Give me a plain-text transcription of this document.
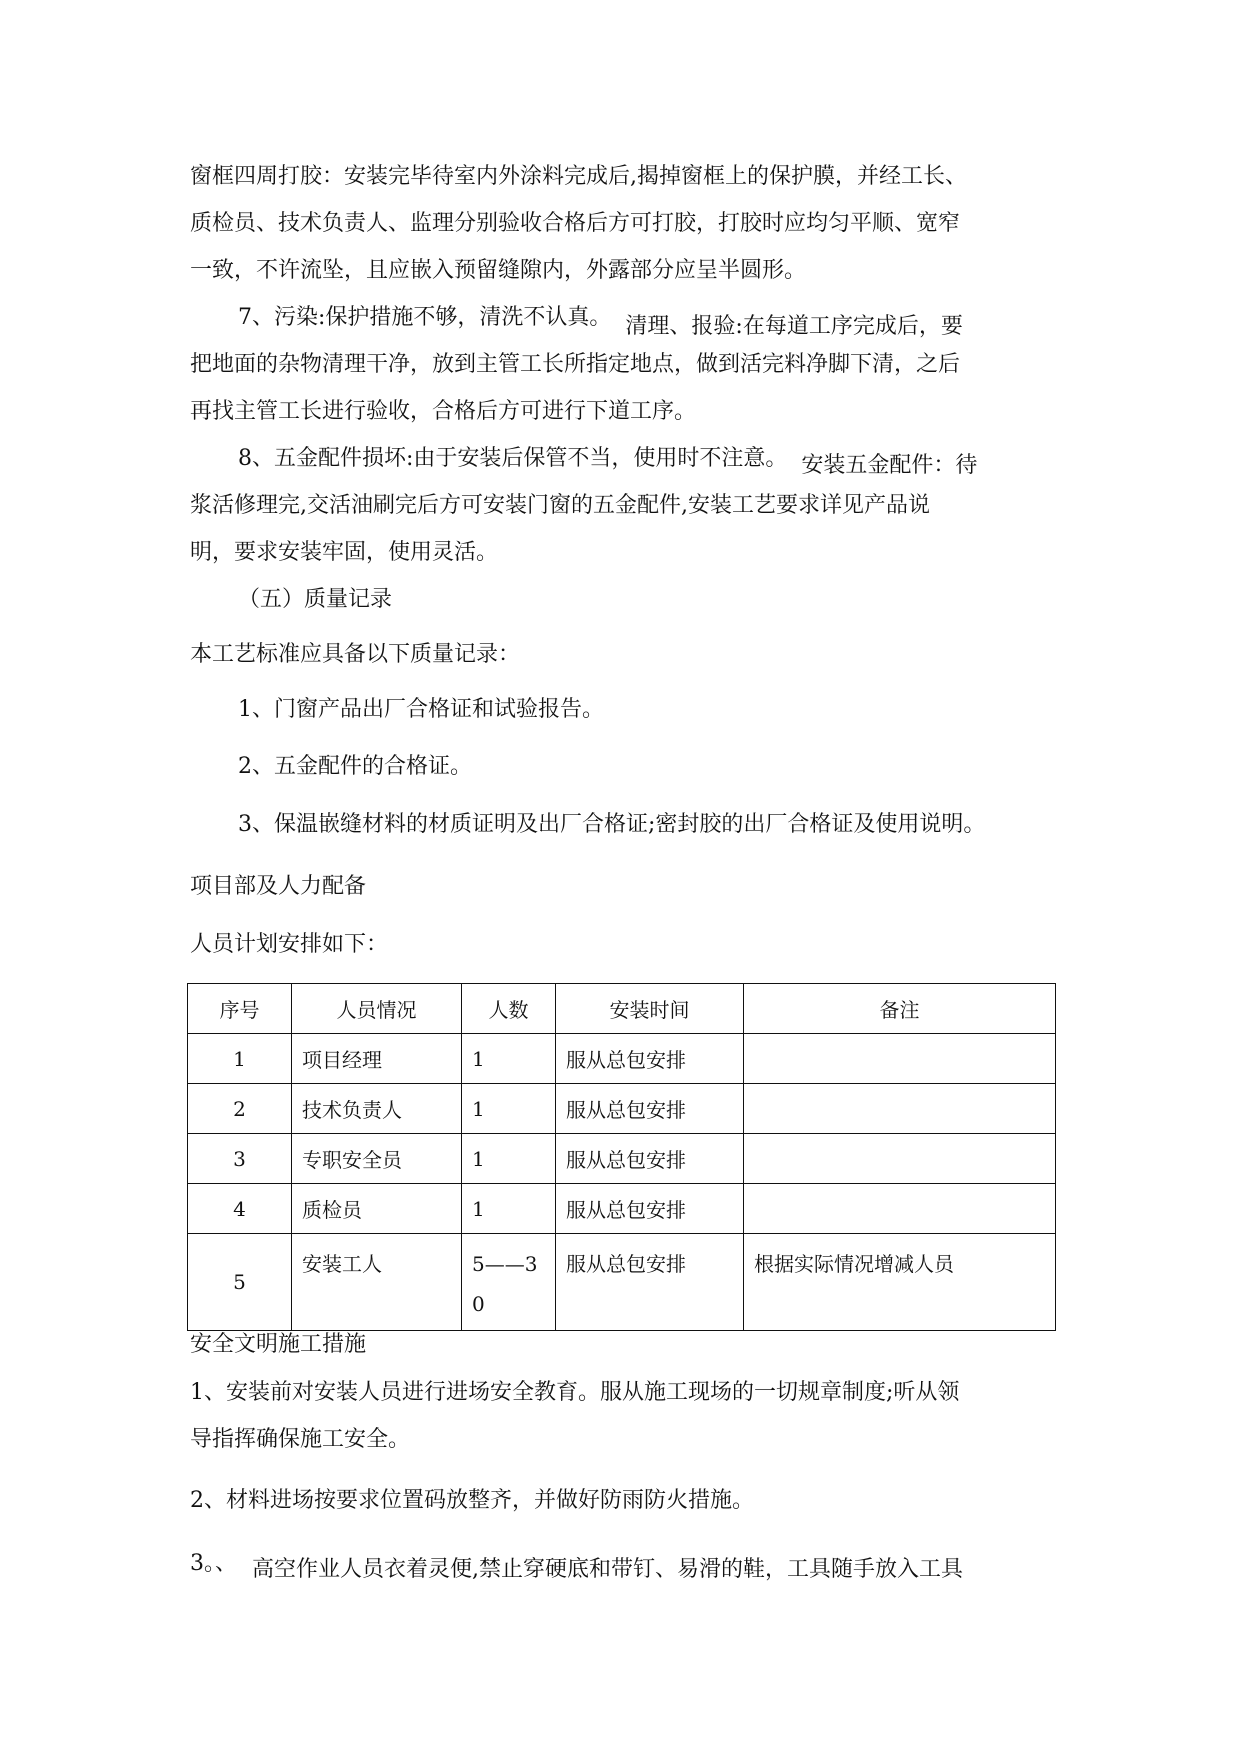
窗框四周打胶：安装完毕待室内外涂料完成后,揭掉窗框上的保护膜，并经工长、
质检员、技术负责人、监理分别验收合格后方可打胶，打胶时应均匀平顺、宽窄
一致，不许流坠，且应嵌入预留缝隙内，外露部分应呈半圆形。
7、污染:保护措施不够，清洗不认真。 清理、报验:在每道工序完成后，要
把地面的杂物清理干净，放到主管工长所指定地点，做到活完料净脚下清，之后
再找主管工长进行验收，合格后方可进行下道工序。
8、五金配件损坏:由于安装后保管不当，使用时不注意。 安装五金配件：待
浆活修理完,交活油刷完后方可安装门窗的五金配件,安装工艺要求详见产品说
明，要求安装牢固，使用灵活。
（五）质量记录
本工艺标准应具备以下质量记录：
1、门窗产品出厂合格证和试验报告。
2、五金配件的合格证。
3、保温嵌缝材料的材质证明及出厂合格证;密封胶的出厂合格证及使用说明。
项目部及人力配备
人员计划安排如下：
序号	人员情况	人数	安装时间	备注
1	项目经理	1	服从总包安排	
2	技术负责人	1	服从总包安排	
3	专职安全员	1	服从总包安排	
4	质检员	1	服从总包安排	
5	安装工人	5——30	服从总包安排	根据实际情况增减人员
安全文明施工措施
1、安装前对安装人员进行进场安全教育。服从施工现场的一切规章制度;听从领
导指挥确保施工安全。
2、材料进场按要求位置码放整齐，并做好防雨防火措施。
3。、 高空作业人员衣着灵便,禁止穿硬底和带钉、易滑的鞋，工具随手放入工具
